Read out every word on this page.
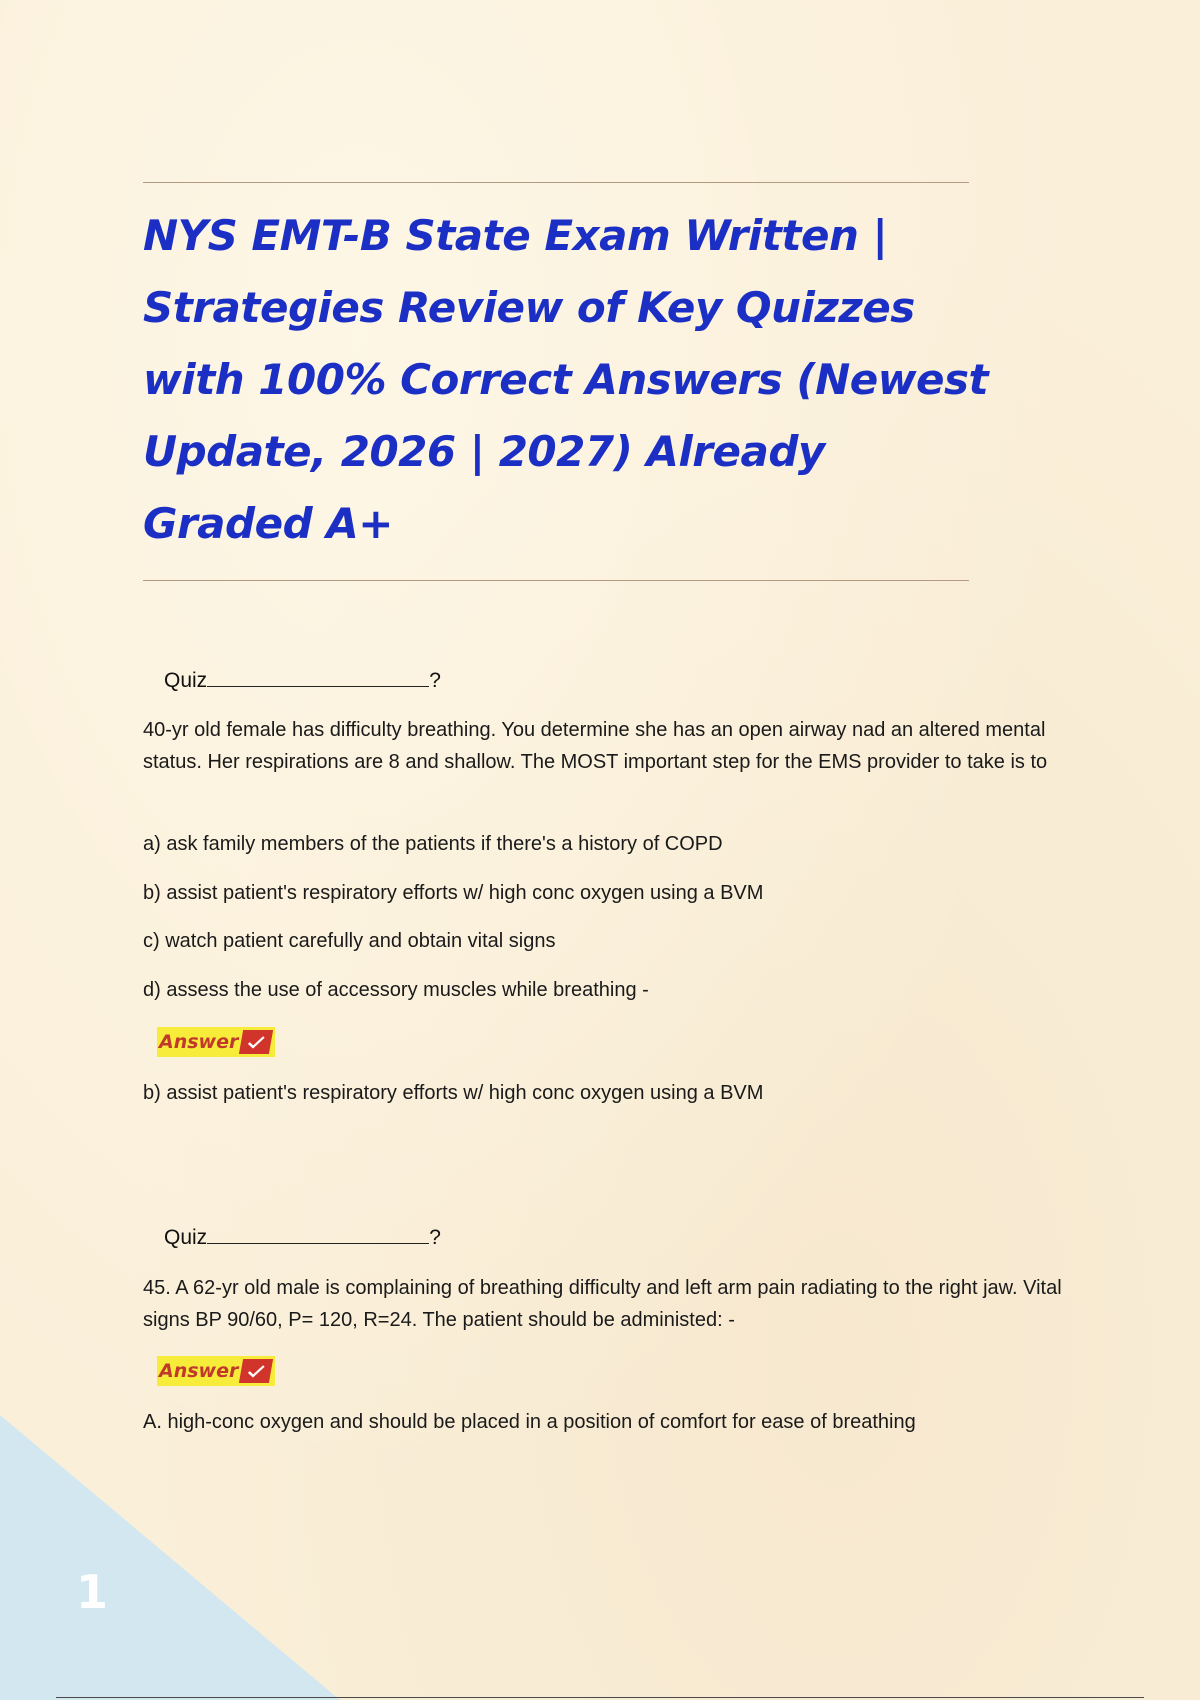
1
NYS EMT-B State Exam Written | Strategies Review of Key Quizzes with 100% Correct Answers (Newest Update, 2026 | 2027) Already Graded A+
Quiz	?

40-yr old female has difficulty breathing. You determine she has an open airway nad an altered mental status. Her respirations are 8 and shallow. The MOST important step for the EMS provider to take is to

a) ask family members of the patients if there's a history of COPD

b) assist patient's respiratory efforts w/ high conc oxygen using a BVM

c) watch patient carefully and obtain vital signs

d) assess the use of accessory muscles while breathing -

Answer

b) assist patient's respiratory efforts w/ high conc oxygen using a BVM

Quiz	?

45. A 62-yr old male is complaining of breathing difficulty and left arm pain radiating to the right jaw. Vital signs BP 90/60, P= 120, R=24. The patient should be administed: -

Answer

A. high-conc oxygen and should be placed in a position of comfort for ease of breathing
